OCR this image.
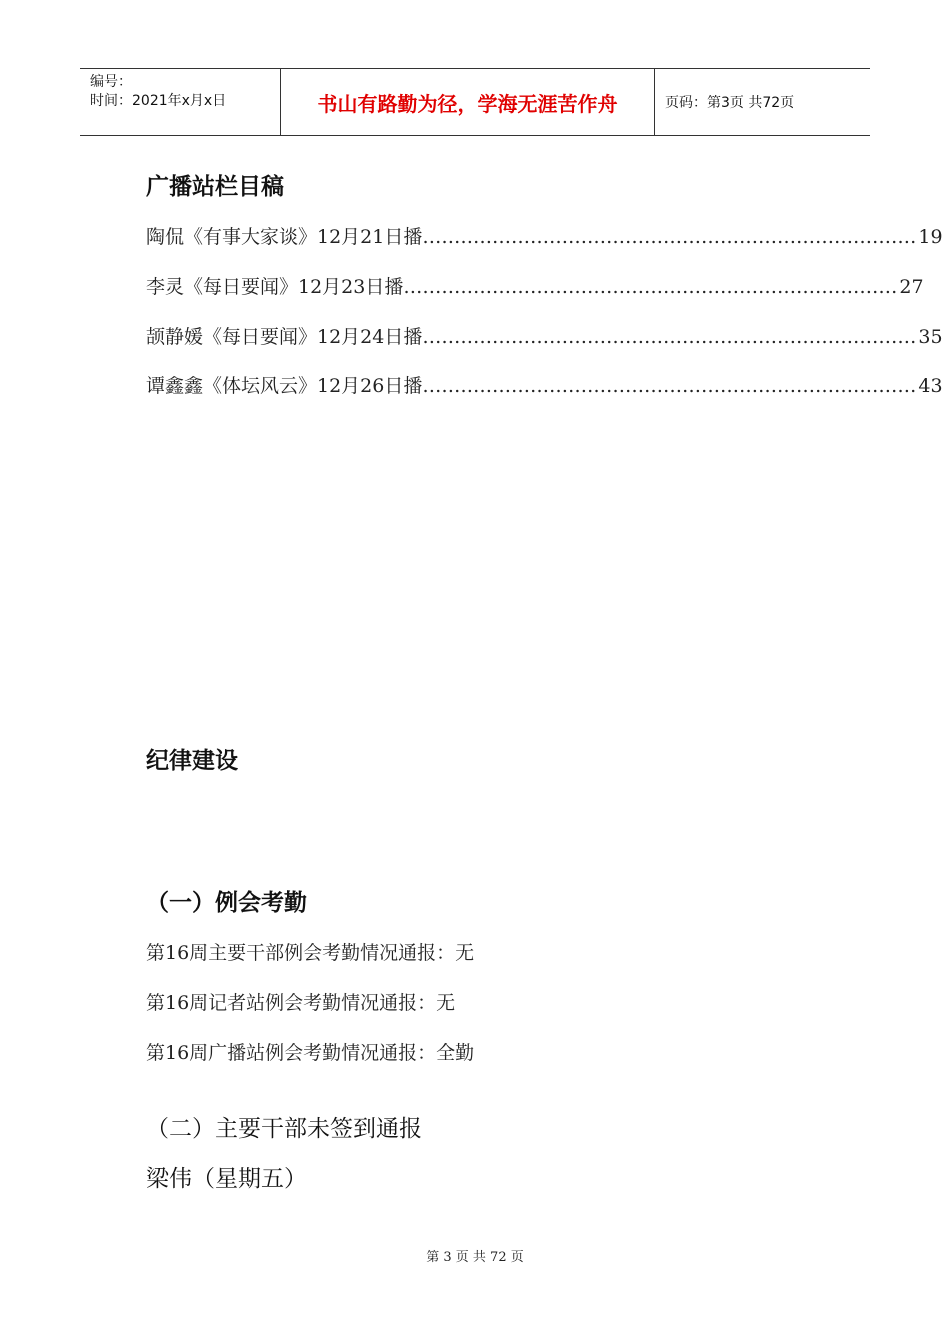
编号：
时间：2021年x月x日	书山有路勤为径，学海无涯苦作舟	页码：第3页 共72页
广播站栏目稿
陶侃《有事大家谈》12月21日播 …………………………………………………………………… 19
李灵《每日要闻》12月23日播 …………………………………………………………………… 27
颉静媛《每日要闻》12月24日播 …………………………………………………………………… 35
谭鑫鑫《体坛风云》12月26日播 …………………………………………………………………… 43
纪律建设
（一）例会考勤
第16周主要干部例会考勤情况通报：无
第16周记者站例会考勤情况通报：无
第16周广播站例会考勤情况通报：全勤
（二）主要干部未签到通报
梁伟（星期五）
第 3 页 共 72 页
